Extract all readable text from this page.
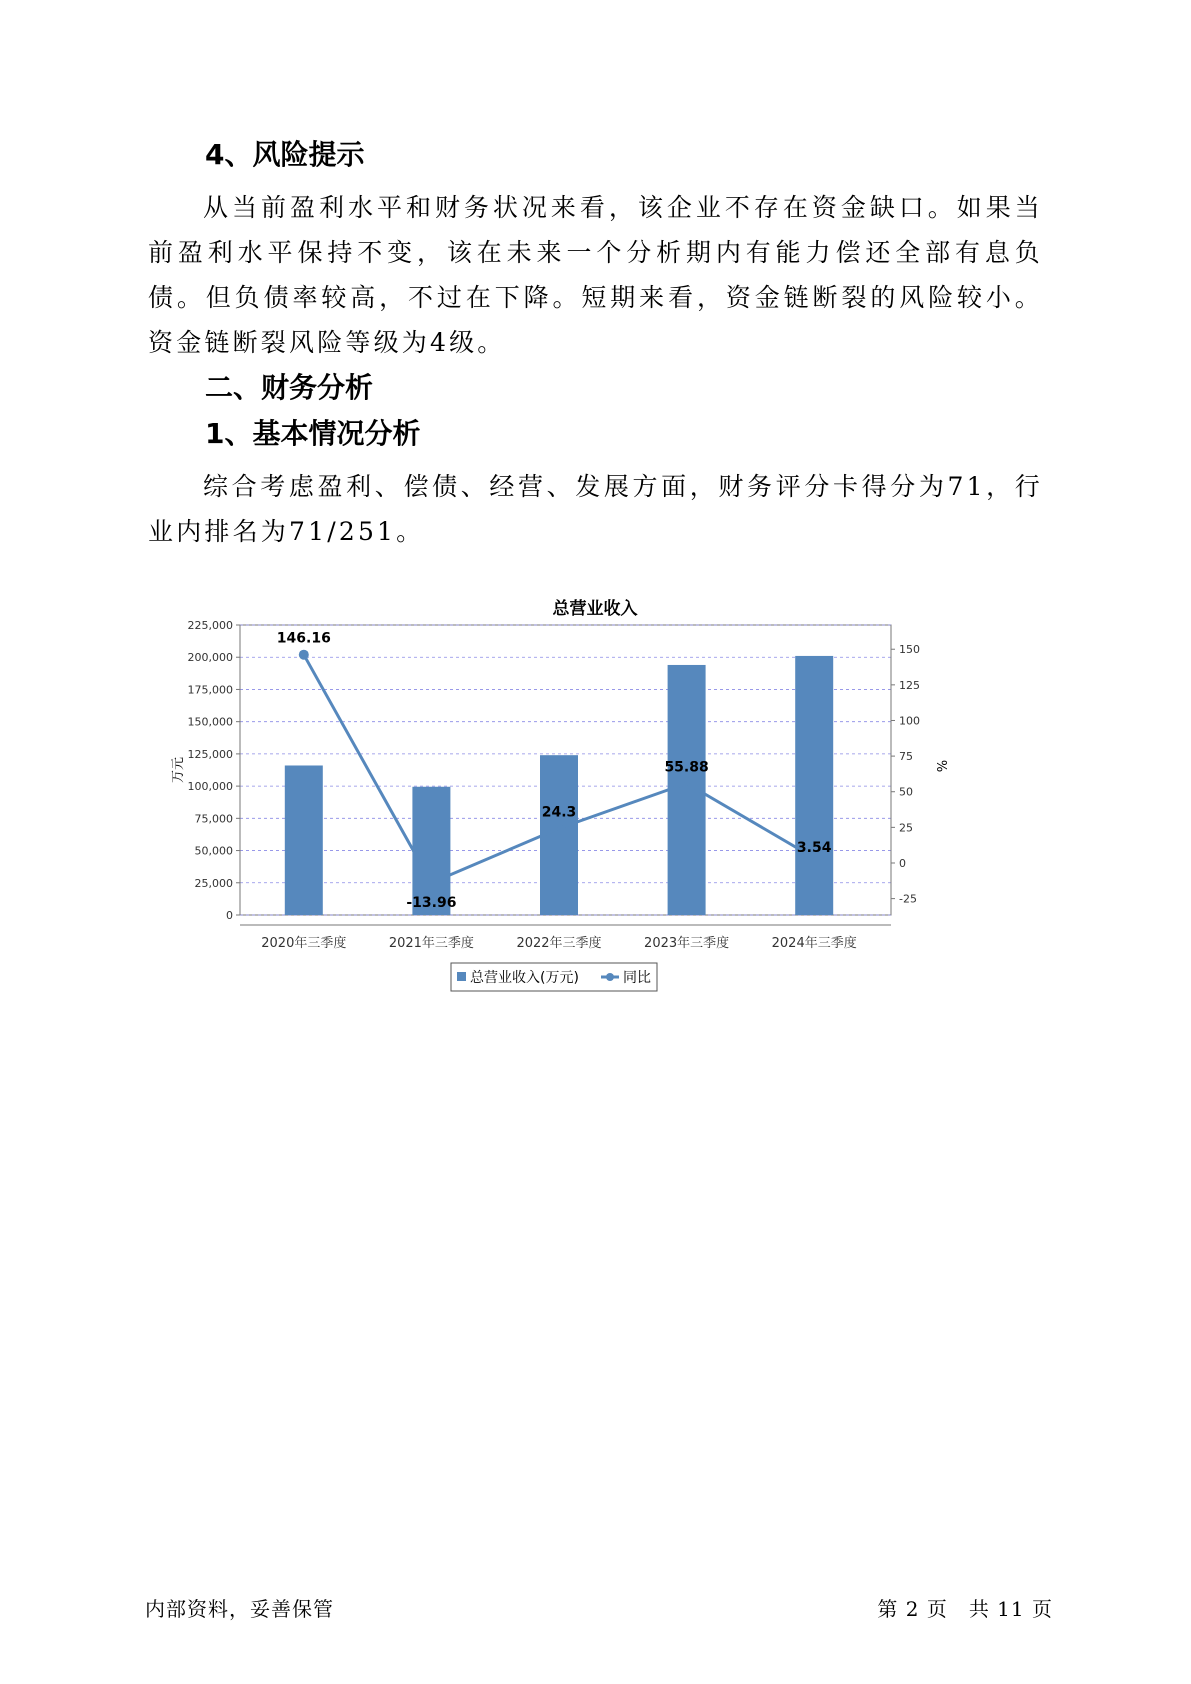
4、风险提示

从当前盈利水平和财务状况来看，该企业不存在资金缺口。如果当前盈利水平保持不变，该在未来一个分析期内有能力偿还全部有息负债。但负债率较高，不过在下降。短期来看，资金链断裂的风险较小。资金链断裂风险等级为4级。

二、财务分析
1、基本情况分析

综合考虑盈利、偿债、经营、发展方面，财务评分卡得分为71，行业内排名为71/251。

总营业收入
0
25,000
50,000
75,000
100,000
125,000
150,000
175,000
200,000
225,000
-25
0
25
50
75
100
125
150
万元	%
2020年三季度	2021年三季度	2022年三季度	2023年三季度	2024年三季度
146.16
-13.96
24.3
55.88
3.54
总营业收入(万元)	同比
内部资料，妥善保管	第 2 页　共 11 页
